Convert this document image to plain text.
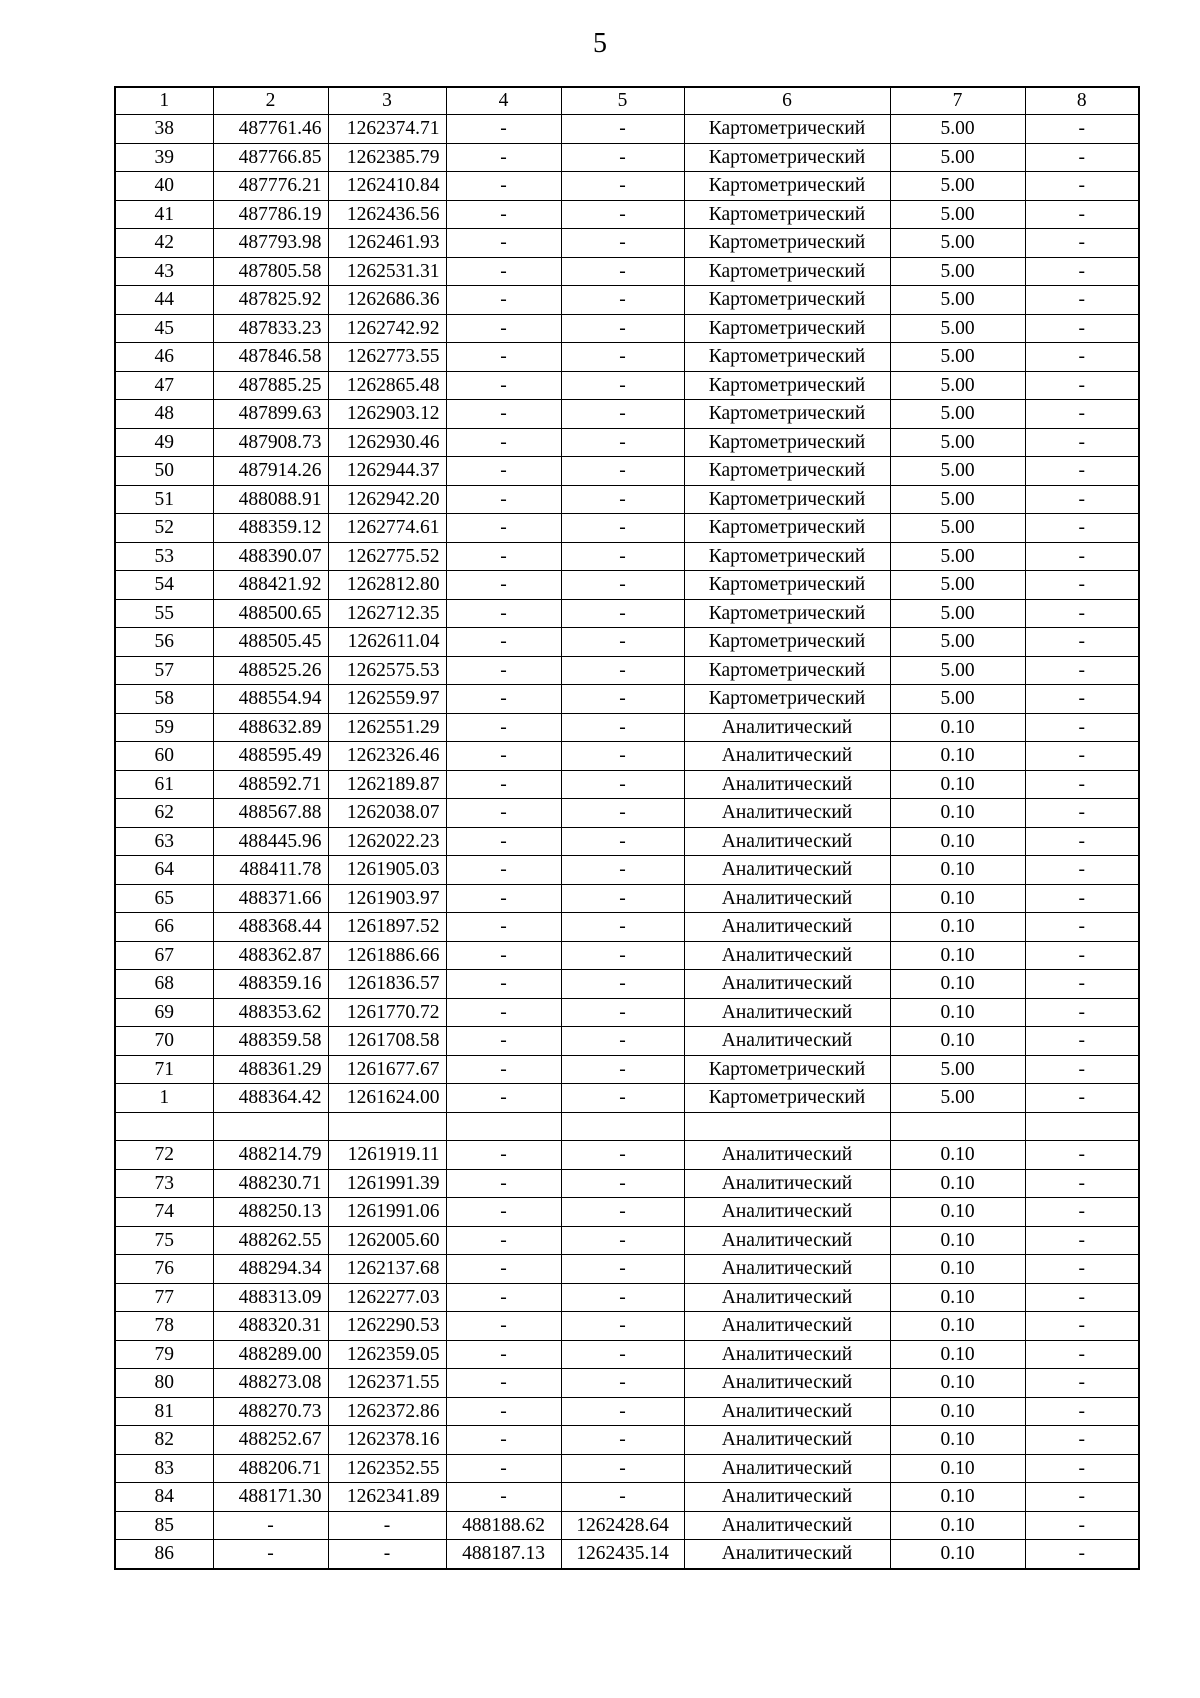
5
1	2	3	4	5	6	7	8
38	487761.46	1262374.71	-	-	Картометрический	5.00	-
39	487766.85	1262385.79	-	-	Картометрический	5.00	-
40	487776.21	1262410.84	-	-	Картометрический	5.00	-
41	487786.19	1262436.56	-	-	Картометрический	5.00	-
42	487793.98	1262461.93	-	-	Картометрический	5.00	-
43	487805.58	1262531.31	-	-	Картометрический	5.00	-
44	487825.92	1262686.36	-	-	Картометрический	5.00	-
45	487833.23	1262742.92	-	-	Картометрический	5.00	-
46	487846.58	1262773.55	-	-	Картометрический	5.00	-
47	487885.25	1262865.48	-	-	Картометрический	5.00	-
48	487899.63	1262903.12	-	-	Картометрический	5.00	-
49	487908.73	1262930.46	-	-	Картометрический	5.00	-
50	487914.26	1262944.37	-	-	Картометрический	5.00	-
51	488088.91	1262942.20	-	-	Картометрический	5.00	-
52	488359.12	1262774.61	-	-	Картометрический	5.00	-
53	488390.07	1262775.52	-	-	Картометрический	5.00	-
54	488421.92	1262812.80	-	-	Картометрический	5.00	-
55	488500.65	1262712.35	-	-	Картометрический	5.00	-
56	488505.45	1262611.04	-	-	Картометрический	5.00	-
57	488525.26	1262575.53	-	-	Картометрический	5.00	-
58	488554.94	1262559.97	-	-	Картометрический	5.00	-
59	488632.89	1262551.29	-	-	Аналитический	0.10	-
60	488595.49	1262326.46	-	-	Аналитический	0.10	-
61	488592.71	1262189.87	-	-	Аналитический	0.10	-
62	488567.88	1262038.07	-	-	Аналитический	0.10	-
63	488445.96	1262022.23	-	-	Аналитический	0.10	-
64	488411.78	1261905.03	-	-	Аналитический	0.10	-
65	488371.66	1261903.97	-	-	Аналитический	0.10	-
66	488368.44	1261897.52	-	-	Аналитический	0.10	-
67	488362.87	1261886.66	-	-	Аналитический	0.10	-
68	488359.16	1261836.57	-	-	Аналитический	0.10	-
69	488353.62	1261770.72	-	-	Аналитический	0.10	-
70	488359.58	1261708.58	-	-	Аналитический	0.10	-
71	488361.29	1261677.67	-	-	Картометрический	5.00	-
1	488364.42	1261624.00	-	-	Картометрический	5.00	-

72	488214.79	1261919.11	-	-	Аналитический	0.10	-
73	488230.71	1261991.39	-	-	Аналитический	0.10	-
74	488250.13	1261991.06	-	-	Аналитический	0.10	-
75	488262.55	1262005.60	-	-	Аналитический	0.10	-
76	488294.34	1262137.68	-	-	Аналитический	0.10	-
77	488313.09	1262277.03	-	-	Аналитический	0.10	-
78	488320.31	1262290.53	-	-	Аналитический	0.10	-
79	488289.00	1262359.05	-	-	Аналитический	0.10	-
80	488273.08	1262371.55	-	-	Аналитический	0.10	-
81	488270.73	1262372.86	-	-	Аналитический	0.10	-
82	488252.67	1262378.16	-	-	Аналитический	0.10	-
83	488206.71	1262352.55	-	-	Аналитический	0.10	-
84	488171.30	1262341.89	-	-	Аналитический	0.10	-
85	-	-	488188.62	1262428.64	Аналитический	0.10	-
86	-	-	488187.13	1262435.14	Аналитический	0.10	-
